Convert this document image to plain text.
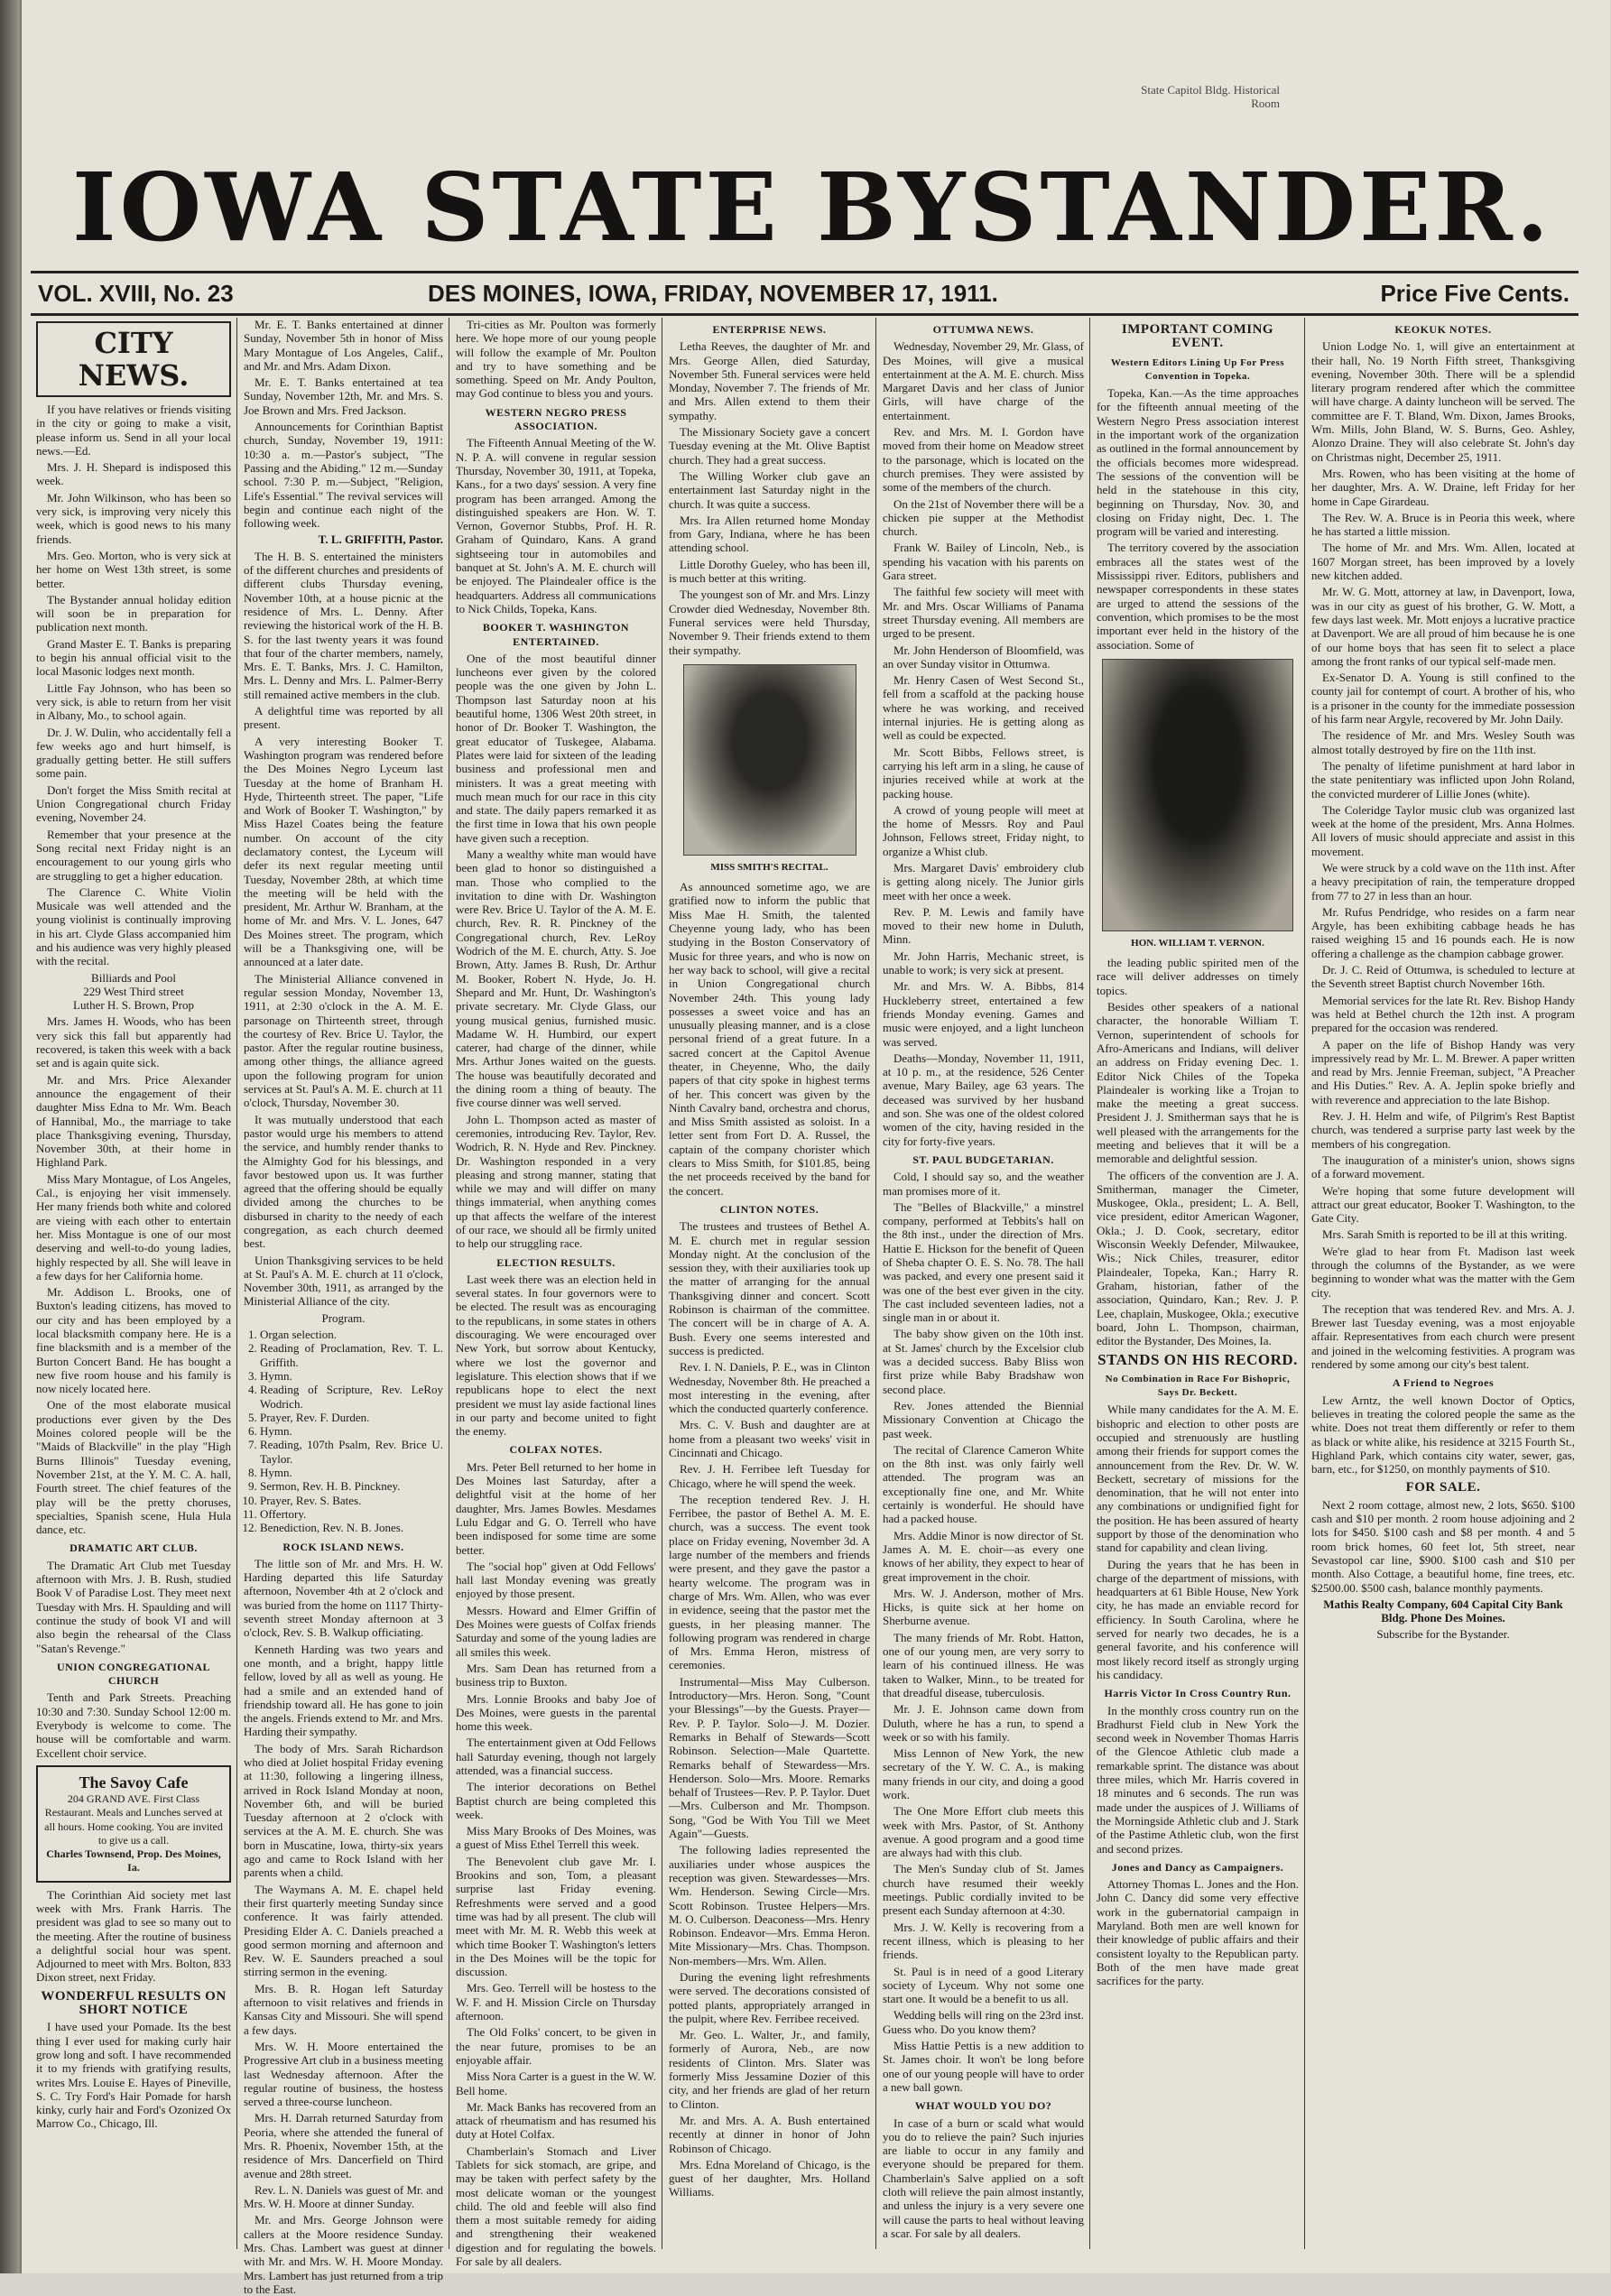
State Capitol Bldg. Historical Room
IOWA STATE BYSTANDER.
VOL. XVIII, No. 23	DES MOINES, IOWA, FRIDAY, NOVEMBER 17, 1911.	Price Five Cents.
CITY NEWS.

If you have relatives or friends visiting in the city or going to make a visit, please inform us. Send in all your local news.—Ed.

Mrs. J. H. Shepard is indisposed this week.

Mr. John Wilkinson, who has been so very sick, is improving very nicely this week, which is good news to his many friends.

Mrs. Geo. Morton, who is very sick at her home on West 13th street, is some better.

The Bystander annual holiday edition will soon be in preparation for publication next month.

Grand Master E. T. Banks is preparing to begin his annual official visit to the local Masonic lodges next month.

Little Fay Johnson, who has been so very sick, is able to return from her visit in Albany, Mo., to school again.

Dr. J. W. Dulin, who accidentally fell a few weeks ago and hurt himself, is gradually getting better. He still suffers some pain.

Don't forget the Miss Smith recital at Union Congregational church Friday evening, November 24.

Remember that your presence at the Song recital next Friday night is an encouragement to our young girls who are struggling to get a higher education.

The Clarence C. White Violin Musicale was well attended and the young violinist is continually improving in his art. Clyde Glass accompanied him and his audience was very highly pleased with the recital.

Billiards and Pool
229 West Third street
Luther H. S. Brown, Prop

Mrs. James H. Woods, who has been very sick this fall but apparently had recovered, is taken this week with a back set and is again quite sick.

Mr. and Mrs. Price Alexander announce the engagement of their daughter Miss Edna to Mr. Wm. Beach of Hannibal, Mo., the marriage to take place Thanksgiving evening, Thursday, November 30th, at their home in Highland Park.

Miss Mary Montague, of Los Angeles, Cal., is enjoying her visit immensely. Her many friends both white and colored are vieing with each other to entertain her. Miss Montague is one of our most deserving and well-to-do young ladies, highly respected by all. She will leave in a few days for her California home.

Mr. Addison L. Brooks, one of Buxton's leading citizens, has moved to our city and has been employed by a local blacksmith company here. He is a fine blacksmith and is a member of the Burton Concert Band. He has bought a new five room house and his family is now nicely located here.

One of the most elaborate musical productions ever given by the Des Moines colored people will be the "Maids of Blackville" in the play "High Burns Illinois" Tuesday evening, November 21st, at the Y. M. C. A. hall, Fourth street. The chief features of the play will be the pretty choruses, specialties, Spanish scene, Hula Hula dance, etc.

DRAMATIC ART CLUB.

The Dramatic Art Club met Tuesday afternoon with Mrs. J. B. Rush, studied Book V of Paradise Lost. They meet next Tuesday with Mrs. H. Spaulding and will continue the study of book VI and will also begin the rehearsal of the Class "Satan's Revenge."

UNION CONGREGATIONAL CHURCH

Tenth and Park Streets. Preaching 10:30 and 7:30. Sunday School 12:00 m. Everybody is welcome to come. The house will be comfortable and warm. Excellent choir service.

The Savoy Cafe
204 GRAND AVE. First Class Restaurant. Meals and Lunches served at all hours. Home cooking. You are invited to give us a call.
Charles Townsend, Prop. Des Moines, Ia.

The Corinthian Aid society met last week with Mrs. Frank Harris. The president was glad to see so many out to the meeting. After the routine of business a delightful social hour was spent. Adjourned to meet with Mrs. Bolton, 833 Dixon street, next Friday.

WONDERFUL RESULTS ON SHORT NOTICE

I have used your Pomade. Its the best thing I ever used for making curly hair grow long and soft. I have recommended it to my friends with gratifying results, writes Mrs. Louise E. Hayes of Pineville, S. C. Try Ford's Hair Pomade for harsh kinky, curly hair and Ford's Ozonized Ox Marrow Co., Chicago, Ill.

Mr. E. T. Banks entertained at dinner Sunday, November 5th in honor of Miss Mary Montague of Los Angeles, Calif., and Mr. and Mrs. Adam Dixon.

Mr. E. T. Banks entertained at tea Sunday, November 12th, Mr. and Mrs. S. Joe Brown and Mrs. Fred Jackson.

Announcements for Corinthian Baptist church, Sunday, November 19, 1911: 10:30 a. m.—Pastor's subject, "The Passing and the Abiding." 12 m.—Sunday school. 7:30 P. m.—Subject, "Religion, Life's Essential." The revival services will begin and continue each night of the following week.

T. L. GRIFFITH, Pastor.

The H. B. S. entertained the ministers of the different churches and presidents of different clubs Thursday evening, November 10th, at a house picnic at the residence of Mrs. L. Denny. After reviewing the historical work of the H. B. S. for the last twenty years it was found that four of the charter members, namely, Mrs. E. T. Banks, Mrs. J. C. Hamilton, Mrs. L. Denny and Mrs. L. Palmer-Berry still remained active members in the club.

A delightful time was reported by all present.

A very interesting Booker T. Washington program was rendered before the Des Moines Negro Lyceum last Tuesday at the home of Branham H. Hyde, Thirteenth street. The paper, "Life and Work of Booker T. Washington," by Miss Hazel Coates being the feature number. On account of the city declamatory contest, the Lyceum will defer its next regular meeting until Tuesday, November 28th, at which time the meeting will be held with the president, Mr. Arthur W. Branham, at the home of Mr. and Mrs. V. L. Jones, 647 Des Moines street. The program, which will be a Thanksgiving one, will be announced at a later date.

The Ministerial Alliance convened in regular session Monday, November 13, 1911, at 2:30 o'clock in the A. M. E. parsonage on Thirteenth street, through the courtesy of Rev. Brice U. Taylor, the pastor. After the regular routine business, among other things, the alliance agreed upon the following program for union services at St. Paul's A. M. E. church at 11 o'clock, Thursday, November 30.

It was mutually understood that each pastor would urge his members to attend the service, and humbly render thanks to the Almighty God for his blessings, and favor bestowed upon us. It was further agreed that the offering should be equally divided among the churches to be disbursed in charity to the needy of each congregation, as each church deemed best.

Union Thanksgiving services to be held at St. Paul's A. M. E. church at 11 o'clock, November 30th, 1911, as arranged by the Ministerial Alliance of the city.

Program.

1. Organ selection.
2. Reading of Proclamation, Rev. T. L. Griffith.
3. Hymn.
4. Reading of Scripture, Rev. LeRoy Wodrich.
5. Prayer, Rev. F. Durden.
6. Hymn.
7. Reading, 107th Psalm, Rev. Brice U. Taylor.
8. Hymn.
9. Sermon, Rev. H. B. Pinckney.
10. Prayer, Rev. S. Bates.
11. Offertory.
12. Benediction, Rev. N. B. Jones.
ROCK ISLAND NEWS.

The little son of Mr. and Mrs. H. W. Harding departed this life Saturday afternoon, November 4th at 2 o'clock and was buried from the home on 1117 Thirty-seventh street Monday afternoon at 3 o'clock, Rev. S. B. Walkup officiating.

Kenneth Harding was two years and one month, and a bright, happy little fellow, loved by all as well as young. He had a smile and an extended hand of friendship toward all. He has gone to join the angels. Friends extend to Mr. and Mrs. Harding their sympathy.

The body of Mrs. Sarah Richardson who died at Joliet hospital Friday evening at 11:30, following a lingering illness, arrived in Rock Island Monday at noon, November 6th, and will be buried Tuesday afternoon at 2 o'clock with services at the A. M. E. church. She was born in Muscatine, Iowa, thirty-six years ago and came to Rock Island with her parents when a child.

The Waymans A. M. E. chapel held their first quarterly meeting Sunday since conference. It was fairly attended. Presiding Elder A. C. Daniels preached a good sermon morning and afternoon and Rev. W. E. Saunders preached a soul stirring sermon in the evening.

Mrs. B. R. Hogan left Saturday afternoon to visit relatives and friends in Kansas City and Missouri. She will spend a few days.

Mrs. W. H. Moore entertained the Progressive Art club in a business meeting last Wednesday afternoon. After the regular routine of business, the hostess served a three-course luncheon.

Mrs. H. Darrah returned Saturday from Peoria, where she attended the funeral of Mrs. R. Phoenix, November 15th, at the residence of Mrs. Dancerfield on Third avenue and 28th street.

Rev. L. N. Daniels was guest of Mr. and Mrs. W. H. Moore at dinner Sunday.

Mr. and Mrs. George Johnson were callers at the Moore residence Sunday. Mrs. Chas. Lambert was guest at dinner with Mr. and Mrs. W. H. Moore Monday. Mrs. Lambert has just returned from a trip to the East.

Tri-cities as Mr. Poulton was formerly here. We hope more of our young people will follow the example of Mr. Poulton and try to have something and be something. Speed on Mr. Andy Poulton, may God continue to bless you and yours.

WESTERN NEGRO PRESS ASSOCIATION.

The Fifteenth Annual Meeting of the W. N. P. A. will convene in regular session Thursday, November 30, 1911, at Topeka, Kans., for a two days' session. A very fine program has been arranged. Among the distinguished speakers are Hon. W. T. Vernon, Governor Stubbs, Prof. H. R. Graham of Quindaro, Kans. A grand sightseeing tour in automobiles and banquet at St. John's A. M. E. church will be enjoyed. The Plaindealer office is the headquarters. Address all communications to Nick Childs, Topeka, Kans.

BOOKER T. WASHINGTON ENTERTAINED.

One of the most beautiful dinner luncheons ever given by the colored people was the one given by John L. Thompson last Saturday noon at his beautiful home, 1306 West 20th street, in honor of Dr. Booker T. Washington, the great educator of Tuskegee, Alabama. Plates were laid for sixteen of the leading business and professional men and ministers. It was a great meeting with much mean much for our race in this city and state. The daily papers remarked it as the first time in Iowa that his own people have given such a reception.

Many a wealthy white man would have been glad to honor so distinguished a man. Those who complied to the invitation to dine with Dr. Washington were Rev. Brice U. Taylor of the A. M. E. church, Rev. R. R. Pinckney of the Congregational church, Rev. LeRoy Wodrich of the M. E. church, Atty. S. Joe Brown, Atty. James B. Rush, Dr. Arthur M. Booker, Robert N. Hyde, Jo. H. Shepard and Mr. Hunt, Dr. Washington's private secretary. Mr. Clyde Glass, our young musical genius, furnished music. Madame W. H. Humbird, our expert caterer, had charge of the dinner, while Mrs. Arthur Jones waited on the guests. The house was beautifully decorated and the dining room a thing of beauty. The five course dinner was well served.

John L. Thompson acted as master of ceremonies, introducing Rev. Taylor, Rev. Wodrich, R. N. Hyde and Rev. Pinckney. Dr. Washington responded in a very pleasing and strong manner, stating that while we may and will differ on many things immaterial, when anything comes up that affects the welfare of the interest of our race, we should all be firmly united to help our struggling race.

ELECTION RESULTS.

Last week there was an election held in several states. In four governors were to be elected. The result was as encouraging to the republicans, in some states in others discouraging. We were encouraged over New York, but sorrow about Kentucky, where we lost the governor and legislature. This election shows that if we republicans hope to elect the next president we must lay aside factional lines in our party and become united to fight the enemy.

COLFAX NOTES.

Mrs. Peter Bell returned to her home in Des Moines last Saturday, after a delightful visit at the home of her daughter, Mrs. James Bowles. Mesdames Lulu Edgar and G. O. Terrell who have been indisposed for some time are some better.

The "social hop" given at Odd Fellows' hall last Monday evening was greatly enjoyed by those present.

Messrs. Howard and Elmer Griffin of Des Moines were guests of Colfax friends Saturday and some of the young ladies are all smiles this week.

Mrs. Sam Dean has returned from a business trip to Buxton.

Mrs. Lonnie Brooks and baby Joe of Des Moines, were guests in the parental home this week.

The entertainment given at Odd Fellows hall Saturday evening, though not largely attended, was a financial success.

The interior decorations on Bethel Baptist church are being completed this week.

Miss Mary Brooks of Des Moines, was a guest of Miss Ethel Terrell this week.

The Benevolent club gave Mr. I. Brookins and son, Tom, a pleasant surprise last Friday evening. Refreshments were served and a good time was had by all present. The club will meet with Mr. M. R. Webb this week at which time Booker T. Washington's letters in the Des Moines will be the topic for discussion.

Mrs. Geo. Terrell will be hostess to the W. F. and H. Mission Circle on Thursday afternoon.

The Old Folks' concert, to be given in the near future, promises to be an enjoyable affair.

Miss Nora Carter is a guest in the W. W. Bell home.

Mr. Mack Banks has recovered from an attack of rheumatism and has resumed his duty at Hotel Colfax.

Chamberlain's Stomach and Liver Tablets for sick stomach, are gripe, and may be taken with perfect safety by the most delicate woman or the youngest child. The old and feeble will also find them a most suitable remedy for aiding and strengthening their weakened digestion and for regulating the bowels. For sale by all dealers.

ENTERPRISE NEWS.

Letha Reeves, the daughter of Mr. and Mrs. George Allen, died Saturday, November 5th. Funeral services were held Monday, November 7. The friends of Mr. and Mrs. Allen extend to them their sympathy.

The Missionary Society gave a concert Tuesday evening at the Mt. Olive Baptist church. They had a great success.

The Willing Worker club gave an entertainment last Saturday night in the church. It was quite a success.

Mrs. Ira Allen returned home Monday from Gary, Indiana, where he has been attending school.

Little Dorothy Gueley, who has been ill, is much better at this writing.

The youngest son of Mr. and Mrs. Linzy Crowder died Wednesday, November 8th. Funeral services were held Thursday, November 9. Their friends extend to them their sympathy.

MISS SMITH'S RECITAL.

As announced sometime ago, we are gratified now to inform the public that Miss Mae H. Smith, the talented Cheyenne young lady, who has been studying in the Boston Conservatory of Music for three years, and who is now on her way back to school, will give a recital in Union Congregational church November 24th. This young lady possesses a sweet voice and has an unusually pleasing manner, and is a close personal friend of a great future. In a sacred concert at the Capitol Avenue theater, in Cheyenne, Who, the daily papers of that city spoke in highest terms of her. This concert was given by the Ninth Cavalry band, orchestra and chorus, and Miss Smith assisted as soloist. In a letter sent from Fort D. A. Russel, the captain of the company chorister which clears to Miss Smith, for $101.85, being the net proceeds received by the band for the concert.

CLINTON NOTES.

The trustees and trustees of Bethel A. M. E. church met in regular session Monday night. At the conclusion of the session they, with their auxiliaries took up the matter of arranging for the annual Thanksgiving dinner and concert. Scott Robinson is chairman of the committee. The concert will be in charge of A. A. Bush. Every one seems interested and success is predicted.

Rev. I. N. Daniels, P. E., was in Clinton Wednesday, November 8th. He preached a most interesting in the evening, after which the conducted quarterly conference.

Mrs. C. V. Bush and daughter are at home from a pleasant two weeks' visit in Cincinnati and Chicago.

Rev. J. H. Ferribee left Tuesday for Chicago, where he will spend the week.

The reception tendered Rev. J. H. Ferribee, the pastor of Bethel A. M. E. church, was a success. The event took place on Friday evening, November 3d. A large number of the members and friends were present, and they gave the pastor a hearty welcome. The program was in charge of Mrs. Wm. Allen, who was ever in evidence, seeing that the pastor met the guests, in her pleasing manner. The following program was rendered in charge of Mrs. Emma Heron, mistress of ceremonies.

Instrumental—Miss May Culberson. Introductory—Mrs. Heron. Song, "Count your Blessings"—by the Guests. Prayer—Rev. P. P. Taylor. Solo—J. M. Dozier. Remarks in Behalf of Stewards—Scott Robinson. Selection—Male Quartette. Remarks behalf of Stewardess—Mrs. Henderson. Solo—Mrs. Moore. Remarks behalf of Trustees—Rev. P. P. Taylor. Duet—Mrs. Culberson and Mr. Thompson. Song, "God be With You Till we Meet Again"—Guests.

The following ladies represented the auxiliaries under whose auspices the reception was given. Stewardesses—Mrs. Wm. Henderson. Sewing Circle—Mrs. Scott Robinson. Trustee Helpers—Mrs. M. O. Culberson. Deaconess—Mrs. Henry Robinson. Endeavor—Mrs. Emma Heron. Mite Missionary—Mrs. Chas. Thompson. Non-members—Mrs. Wm. Allen.

During the evening light refreshments were served. The decorations consisted of potted plants, appropriately arranged in the pulpit, where Rev. Ferribee received.

Mr. Geo. L. Walter, Jr., and family, formerly of Aurora, Neb., are now residents of Clinton. Mrs. Slater was formerly Miss Jessamine Dozier of this city, and her friends are glad of her return to Clinton.

Mr. and Mrs. A. A. Bush entertained recently at dinner in honor of John Robinson of Chicago.

Mrs. Edna Moreland of Chicago, is the guest of her daughter, Mrs. Holland Williams.

OTTUMWA NEWS.

Wednesday, November 29, Mr. Glass, of Des Moines, will give a musical entertainment at the A. M. E. church. Miss Margaret Davis and her class of Junior Girls, will have charge of the entertainment.

Rev. and Mrs. M. I. Gordon have moved from their home on Meadow street to the parsonage, which is located on the church premises. They were assisted by some of the members of the church.

On the 21st of November there will be a chicken pie supper at the Methodist church.

Frank W. Bailey of Lincoln, Neb., is spending his vacation with his parents on Gara street.

The faithful few society will meet with Mr. and Mrs. Oscar Williams of Panama street Thursday evening. All members are urged to be present.

Mr. John Henderson of Bloomfield, was an over Sunday visitor in Ottumwa.

Mr. Henry Casen of West Second St., fell from a scaffold at the packing house where he was working, and received internal injuries. He is getting along as well as could be expected.

Mr. Scott Bibbs, Fellows street, is carrying his left arm in a sling, he cause of injuries received while at work at the packing house.

A crowd of young people will meet at the home of Messrs. Roy and Paul Johnson, Fellows street, Friday night, to organize a Whist club.

Mrs. Margaret Davis' embroidery club is getting along nicely. The Junior girls meet with her once a week.

Rev. P. M. Lewis and family have moved to their new home in Duluth, Minn.

Mr. John Harris, Mechanic street, is unable to work; is very sick at present.

Mr. and Mrs. W. A. Bibbs, 814 Huckleberry street, entertained a few friends Monday evening. Games and music were enjoyed, and a light luncheon was served.

Deaths—Monday, November 11, 1911, at 10 p. m., at the residence, 526 Center avenue, Mary Bailey, age 63 years. The deceased was survived by her husband and son. She was one of the oldest colored women of the city, having resided in the city for forty-five years.

ST. PAUL BUDGETARIAN.

Cold, I should say so, and the weather man promises more of it.

The "Belles of Blackville," a minstrel company, performed at Tebbits's hall on the 8th inst., under the direction of Mrs. Hattie E. Hickson for the benefit of Queen of Sheba chapter O. E. S. No. 78. The hall was packed, and every one present said it was one of the best ever given in the city. The cast included seventeen ladies, not a single man in or about it.

The baby show given on the 10th inst. at St. James' church by the Excelsior club was a decided success. Baby Bliss won first prize while Baby Bradshaw won second place.

Rev. Jones attended the Biennial Missionary Convention at Chicago the past week.

The recital of Clarence Cameron White on the 8th inst. was only fairly well attended. The program was an exceptionally fine one, and Mr. White certainly is wonderful. He should have had a packed house.

Mrs. Addie Minor is now director of St. James A. M. E. choir—as every one knows of her ability, they expect to hear of great improvement in the choir.

Mrs. W. J. Anderson, mother of Mrs. Hicks, is quite sick at her home on Sherburne avenue.

The many friends of Mr. Robt. Hatton, one of our young men, are very sorry to learn of his continued illness. He was taken to Walker, Minn., to be treated for that dreadful disease, tuberculosis.

Mr. J. E. Johnson came down from Duluth, where he has a run, to spend a week or so with his family.

Miss Lennon of New York, the new secretary of the Y. W. C. A., is making many friends in our city, and doing a good work.

The One More Effort club meets this week with Mrs. Pastor, of St. Anthony avenue. A good program and a good time are always had with this club.

The Men's Sunday club of St. James church have resumed their weekly meetings. Public cordially invited to be present each Sunday afternoon at 4:30.

Mrs. J. W. Kelly is recovering from a recent illness, which is pleasing to her friends.

St. Paul is in need of a good Literary society of Lyceum. Why not some one start one. It would be a benefit to us all.

Wedding bells will ring on the 23rd inst. Guess who. Do you know them?

Miss Hattie Pettis is a new addition to St. James choir. It won't be long before one of our young people will have to order a new ball gown.

WHAT WOULD YOU DO?

In case of a burn or scald what would you do to relieve the pain? Such injuries are liable to occur in any family and everyone should be prepared for them. Chamberlain's Salve applied on a soft cloth will relieve the pain almost instantly, and unless the injury is a very severe one will cause the parts to heal without leaving a scar. For sale by all dealers.

IMPORTANT COMING EVENT.
Western Editors Lining Up For Press Convention in Topeka.

Topeka, Kan.—As the time approaches for the fifteenth annual meeting of the Western Negro Press association interest in the important work of the organization as outlined in the formal announcement by the officials becomes more widespread. The sessions of the convention will be held in the statehouse in this city, beginning on Thursday, Nov. 30, and closing on Friday night, Dec. 1. The program will be varied and interesting.

The territory covered by the association embraces all the states west of the Mississippi river. Editors, publishers and newspaper correspondents in these states are urged to attend the sessions of the convention, which promises to be the most important ever held in the history of the association. Some of

HON. WILLIAM T. VERNON.

the leading public spirited men of the race will deliver addresses on timely topics.

Besides other speakers of a national character, the honorable William T. Vernon, superintendent of schools for Afro-Americans and Indians, will deliver an address on Friday evening Dec. 1. Editor Nick Chiles of the Topeka Plaindealer is working like a Trojan to make the meeting a great success. President J. J. Smitherman says that he is well pleased with the arrangements for the meeting and believes that it will be a memorable and delightful session.

The officers of the convention are J. A. Smitherman, manager the Cimeter, Muskogee, Okla., president; L. A. Bell, vice president, editor American Wagoner, Okla.; J. D. Cook, secretary, editor Wisconsin Weekly Defender, Milwaukee, Wis.; Nick Chiles, treasurer, editor Plaindealer, Topeka, Kan.; Harry R. Graham, historian, father of the association, Quindaro, Kan.; Rev. J. P. Lee, chaplain, Muskogee, Okla.; executive board, John L. Thompson, chairman, editor the Bystander, Des Moines, Ia.

STANDS ON HIS RECORD.
No Combination in Race For Bishopric, Says Dr. Beckett.

While many candidates for the A. M. E. bishopric and election to other posts are occupied and strenuously are hustling among their friends for support comes the announcement from the Rev. Dr. W. W. Beckett, secretary of missions for the denomination, that he will not enter into any combinations or undignified fight for the position. He has been assured of hearty support by those of the denomination who stand for capability and clean living.

During the years that he has been in charge of the department of missions, with headquarters at 61 Bible House, New York city, he has made an enviable record for efficiency. In South Carolina, where he served for nearly two decades, he is a general favorite, and his conference will most likely record itself as strongly urging his candidacy.

Harris Victor In Cross Country Run.

In the monthly cross country run on the Bradhurst Field club in New York the second week in November Thomas Harris of the Glencoe Athletic club made a remarkable sprint. The distance was about three miles, which Mr. Harris covered in 18 minutes and 6 seconds. The run was made under the auspices of J. Williams of the Morningside Athletic club and J. Stark of the Pastime Athletic club, won the first and second prizes.

Jones and Dancy as Campaigners.

Attorney Thomas L. Jones and the Hon. John C. Dancy did some very effective work in the gubernatorial campaign in Maryland. Both men are well known for their knowledge of public affairs and their consistent loyalty to the Republican party. Both of the men have made great sacrifices for the party.

KEOKUK NOTES.

Union Lodge No. 1, will give an entertainment at their hall, No. 19 North Fifth street, Thanksgiving evening, November 30th. There will be a splendid literary program rendered after which the committee will have charge. A dainty luncheon will be served. The committee are F. T. Bland, Wm. Dixon, James Brooks, Wm. Mills, John Bland, W. S. Burns, Geo. Ashley, Alonzo Draine. They will also celebrate St. John's day on Christmas night, December 25, 1911.

Mrs. Rowen, who has been visiting at the home of her daughter, Mrs. A. W. Draine, left Friday for her home in Cape Girardeau.

The Rev. W. A. Bruce is in Peoria this week, where he has started a little mission.

The home of Mr. and Mrs. Wm. Allen, located at 1607 Morgan street, has been improved by a lovely new kitchen added.

Mr. W. G. Mott, attorney at law, in Davenport, Iowa, was in our city as guest of his brother, G. W. Mott, a few days last week. Mr. Mott enjoys a lucrative practice at Davenport. We are all proud of him because he is one of our home boys that has seen fit to select a place among the front ranks of our typical self-made men.

Ex-Senator D. A. Young is still confined to the county jail for contempt of court. A brother of his, who is a prisoner in the county for the immediate possession of his farm near Argyle, recovered by Mr. John Daily.

The residence of Mr. and Mrs. Wesley South was almost totally destroyed by fire on the 11th inst.

The penalty of lifetime punishment at hard labor in the state penitentiary was inflicted upon John Roland, the convicted murderer of Lillie Jones (white).

The Coleridge Taylor music club was organized last week at the home of the president, Mrs. Anna Holmes. All lovers of music should appreciate and assist in this movement.

We were struck by a cold wave on the 11th inst. After a heavy precipitation of rain, the temperature dropped from 77 to 27 in less than an hour.

Mr. Rufus Pendridge, who resides on a farm near Argyle, has been exhibiting cabbage heads he has raised weighing 15 and 16 pounds each. He is now offering a challenge as the champion cabbage grower.

Dr. J. C. Reid of Ottumwa, is scheduled to lecture at the Seventh street Baptist church November 16th.

Memorial services for the late Rt. Rev. Bishop Handy was held at Bethel church the 12th inst. A program prepared for the occasion was rendered.

A paper on the life of Bishop Handy was very impressively read by Mr. L. M. Brewer. A paper written and read by Mrs. Jennie Freeman, subject, "A Preacher and His Duties." Rev. A. A. Jeplin spoke briefly and with reverence and appreciation to the late Bishop.

Rev. J. H. Helm and wife, of Pilgrim's Rest Baptist church, was tendered a surprise party last week by the members of his congregation.

The inauguration of a minister's union, shows signs of a forward movement.

We're hoping that some future development will attract our great educator, Booker T. Washington, to the Gate City.

Mrs. Sarah Smith is reported to be ill at this writing.

We're glad to hear from Ft. Madison last week through the columns of the Bystander, as we were beginning to wonder what was the matter with the Gem city.

The reception that was tendered Rev. and Mrs. A. J. Brewer last Tuesday evening, was a most enjoyable affair. Representatives from each church were present and joined in the welcoming festivities. A program was rendered by some among our city's best talent.

A Friend to Negroes

Lew Arntz, the well known Doctor of Optics, believes in treating the colored people the same as the white. Does not treat them differently or refer to them as black or white alike, his residence at 3215 Fourth St., Highland Park, which contains city water, sewer, gas, barn, etc., for $1250, on monthly payments of $10.

FOR SALE.

Next 2 room cottage, almost new, 2 lots, $650. $100 cash and $10 per month. 2 room house adjoining and 2 lots for $450. $100 cash and $8 per month. 4 and 5 room brick homes, 60 feet lot, 5th street, near Sevastopol car line, $900. $100 cash and $10 per month. Also Cottage, a beautiful home, fine trees, etc. $2500.00. $500 cash, balance monthly payments.

Mathis Realty Company, 604 Capital City Bank Bldg. Phone Des Moines.

Subscribe for the Bystander.
